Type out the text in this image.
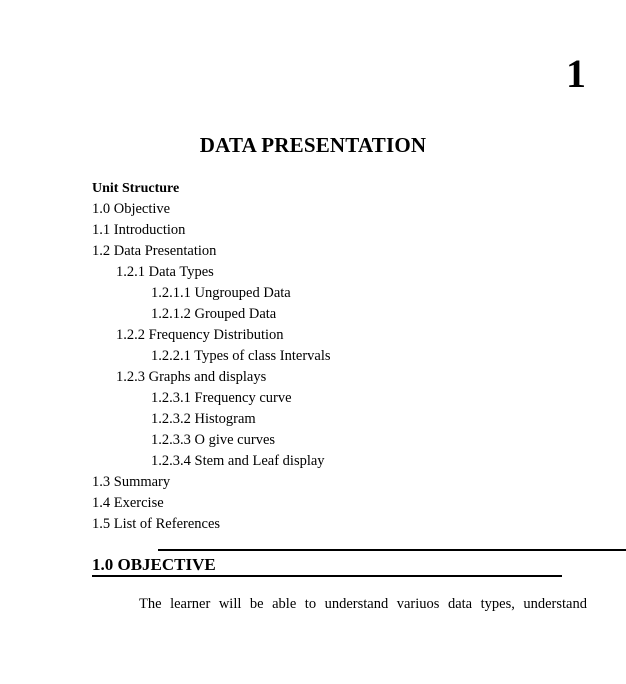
1
DATA PRESENTATION
Unit Structure
1.0 Objective
1.1 Introduction
1.2 Data Presentation
1.2.1 Data Types
1.2.1.1 Ungrouped Data
1.2.1.2 Grouped Data
1.2.2 Frequency Distribution
1.2.2.1 Types of class Intervals
1.2.3 Graphs and displays
1.2.3.1 Frequency curve
1.2.3.2 Histogram
1.2.3.3 O give curves
1.2.3.4 Stem and Leaf display
1.3 Summary
1.4 Exercise
1.5 List of References
1.0 OBJECTIVE
The learner will be able to understand variuos data types, understand
